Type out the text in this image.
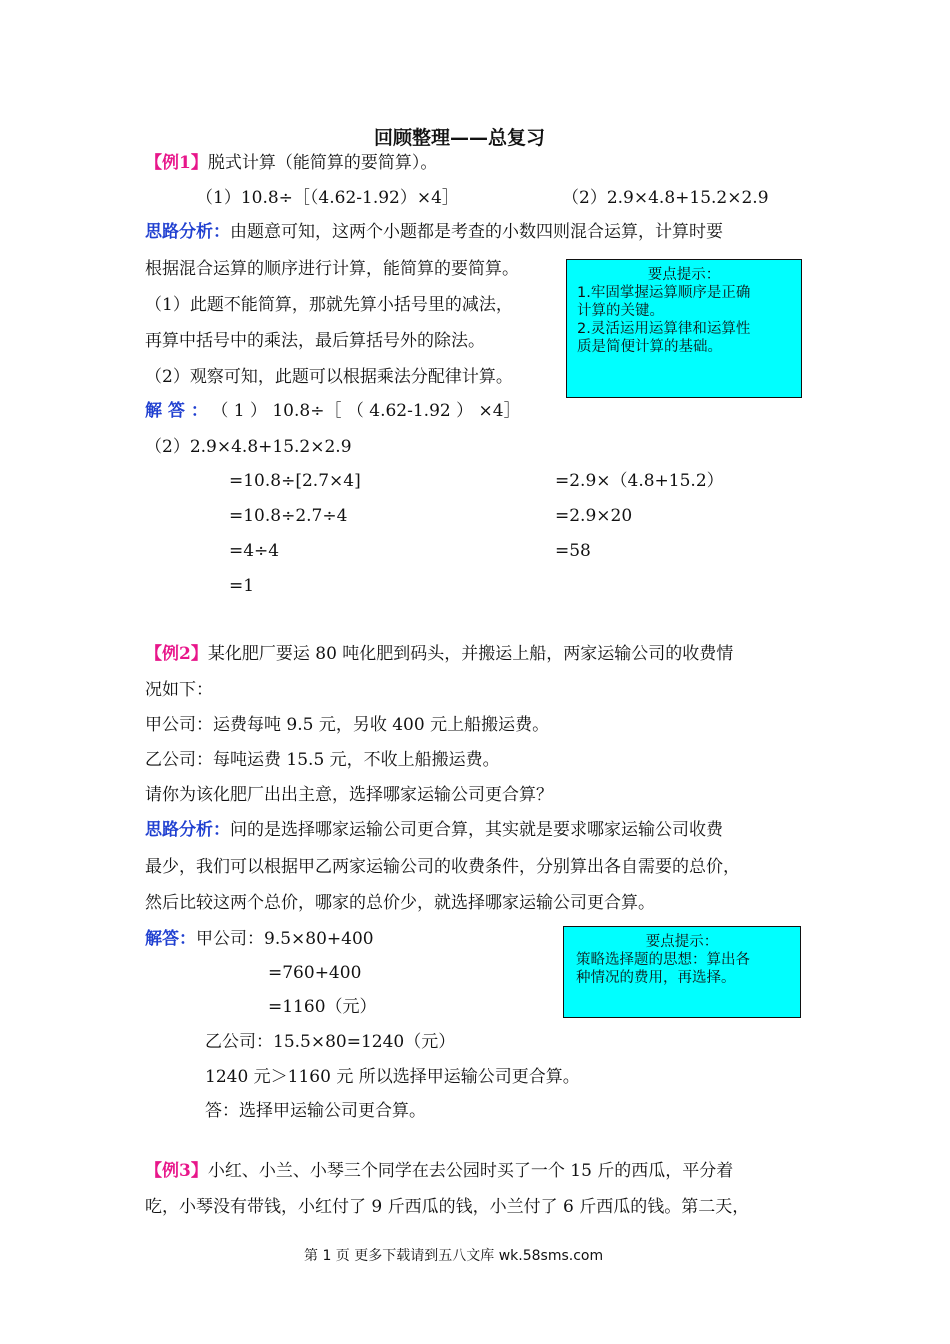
回顾整理——总复习
【例1】脱式计算（能简算的要简算）。
（1）10.8÷［（4.62-1.92）×4］	（2）2.9×4.8+15.2×2.9
思路分析：由题意可知，这两个小题都是考查的小数四则混合运算，计算时要
根据混合运算的顺序进行计算，能简算的要简算。
（1）此题不能简算，那就先算小括号里的减法，
再算中括号中的乘法，最后算括号外的除法。
（2）观察可知，此题可以根据乘法分配律计算。
要点提示：
1.牢固掌握运算顺序是正确
计算的关键。
2.灵活运用运算律和运算性
质是简便计算的基础。
解 答 ： （ 1 ） 10.8÷［ （ 4.62-1.92 ） ×4］
（2）2.9×4.8+15.2×2.9
=10.8÷[2.7×4]
=10.8÷2.7÷4
=4÷4
=1
=2.9×（4.8+15.2）
=2.9×20
=58
【例2】某化肥厂要运 80 吨化肥到码头，并搬运上船，两家运输公司的收费情
况如下：
甲公司：运费每吨 9.5 元，另收 400 元上船搬运费。
乙公司：每吨运费 15.5 元，不收上船搬运费。
请你为该化肥厂出出主意，选择哪家运输公司更合算？
思路分析：问的是选择哪家运输公司更合算，其实就是要求哪家运输公司收费
最少，我们可以根据甲乙两家运输公司的收费条件，分别算出各自需要的总价，
然后比较这两个总价，哪家的总价少，就选择哪家运输公司更合算。
解答：甲公司：9.5×80+400
=760+400
=1160（元）
乙公司：15.5×80=1240（元）
1240 元＞1160 元 所以选择甲运输公司更合算。
答：选择甲运输公司更合算。
要点提示：
策略选择题的思想：算出各
种情况的费用，再选择。
【例3】小红、小兰、小琴三个同学在去公园时买了一个 15 斤的西瓜，平分着
吃，小琴没有带钱，小红付了 9 斤西瓜的钱，小兰付了 6 斤西瓜的钱。第二天，
第 1 页 更多下载请到五八文库 wk.58sms.com
